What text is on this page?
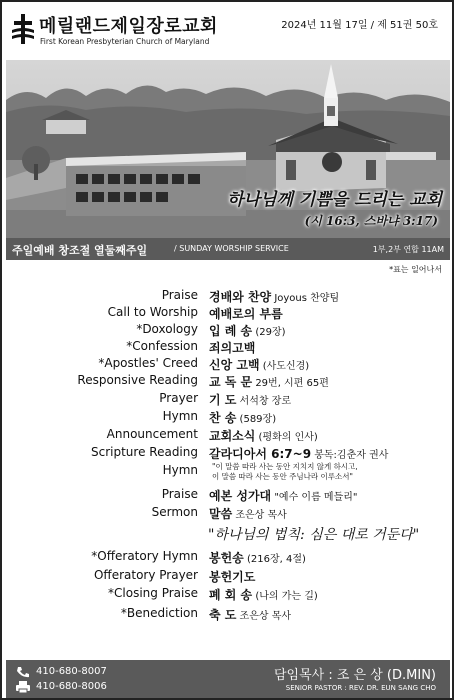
메릴랜드제일장로교회
First Korean Presbyterian Church of Maryland
2024년 11월 17일 / 제 51권 50호
하나님께 기쁨을 드리는 교회
(시 16:3, 스바냐 3:17)
주일예배 창조절 열둘째주일	/ SUNDAY WORSHIP SERVICE	1부,2부 연합 11AM
*표는 일어나서
Praise 경배와 찬양 Joyous 찬양팀
Call to Worship 예배로의 부름
*Doxology 입 례 송 (29장)
*Confession 죄의고백
*Apostles' Creed 신앙 고백 (사도신경)
Responsive Reading 교 독 문 29번, 시편 65편
Prayer 기 도 서석창 장로
Hymn 찬 송 (589장)
Announcement 교회소식 (평화의 인사)
Scripture Reading 갈라디아서 6:7~9 봉독:김춘자 권사
Hymn "이 말씀 따라 사는 동안 지치지 않게 하시고,
이 말씀 따라 사는 동안 주님나라 이루소서"
Praise 예본 성가대 "예수 이름 메들리"
Sermon 말씀 조은상 목사
"하나님의 법칙: 심은 대로 거둔다"
*Offeratory Hymn 봉헌송 (216장, 4절)
Offeratory Prayer 봉헌기도
*Closing Praise 폐 회 송 (나의 가는 길)
*Benediction 축 도 조은상 목사
410-680-8007
410-680-8006
담임목사 : 조 은 상 (D.MIN)
SENIOR PASTOR : REV. DR. EUN SANG CHO
